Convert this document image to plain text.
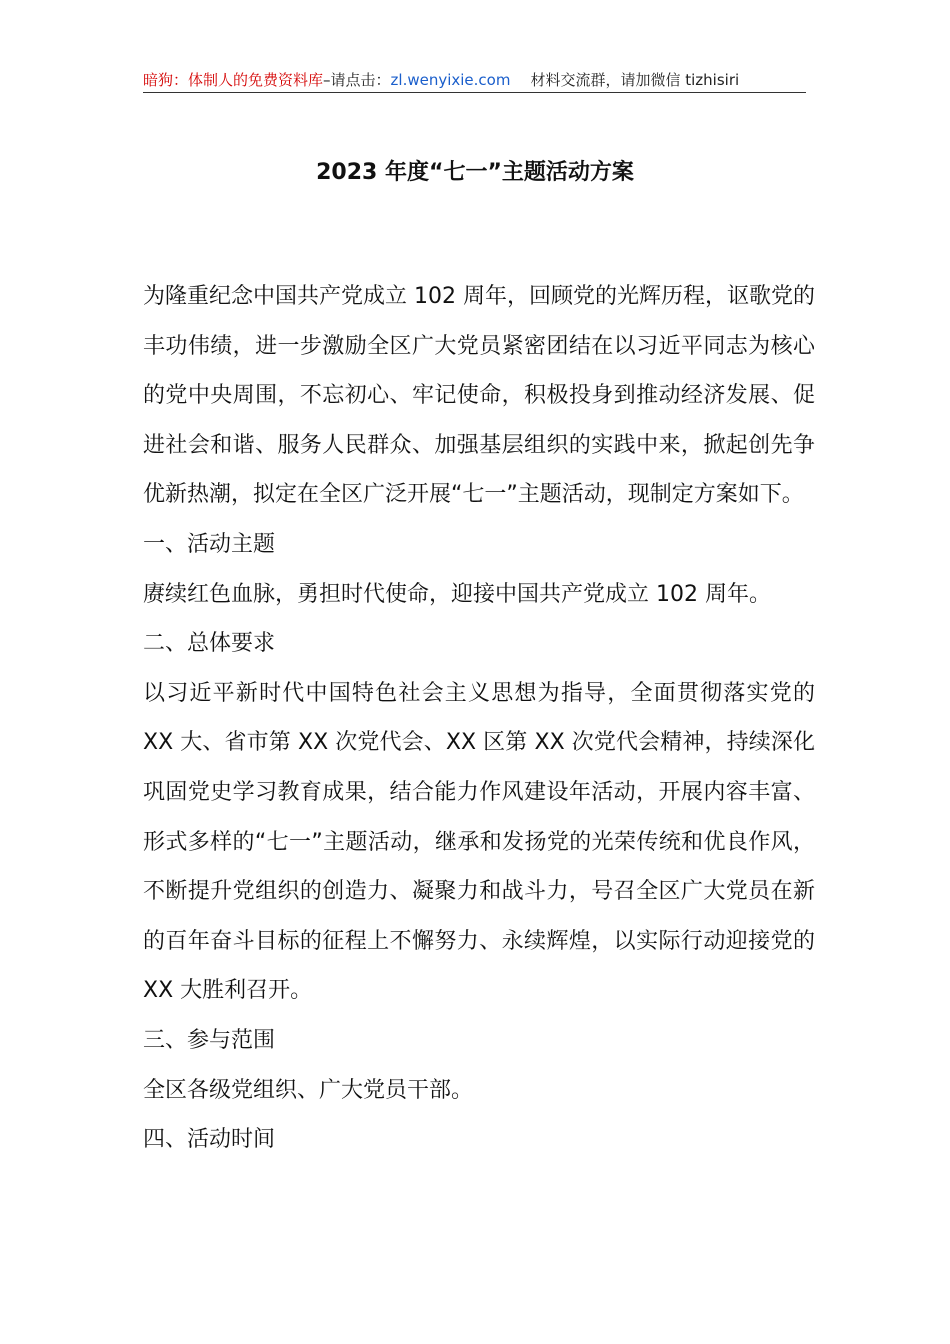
暗狗：体制人的免费资料库 –请点击： zl.wenyixie.com 材料交流群，请加微信 tizhisiri
2023 年度“七一”主题活动方案

为隆重纪念中国共产党成立 102 周年，回顾党的光辉历程，讴歌党的丰功伟绩，进一步激励全区广大党员紧密团结在以习近平同志为核心的党中央周围，不忘初心、牢记使命，积极投身到推动经济发展、促进社会和谐、服务人民群众、加强基层组织的实践中来，掀起创先争优新热潮，拟定在全区广泛开展“七一”主题活动，现制定方案如下。

一、活动主题

赓续红色血脉，勇担时代使命，迎接中国共产党成立 102 周年。

二、总体要求

以习近平新时代中国特色社会主义思想为指导，全面贯彻落实党的 XX 大、省市第 XX 次党代会、XX 区第 XX 次党代会精神，持续深化巩固党史学习教育成果，结合能力作风建设年活动，开展内容丰富、形式多样的“七一”主题活动，继承和发扬党的光荣传统和优良作风，不断提升党组织的创造力、凝聚力和战斗力，号召全区广大党员在新的百年奋斗目标的征程上不懈努力、永续辉煌，以实际行动迎接党的 XX 大胜利召开。

三、参与范围

全区各级党组织、广大党员干部。

四、活动时间
